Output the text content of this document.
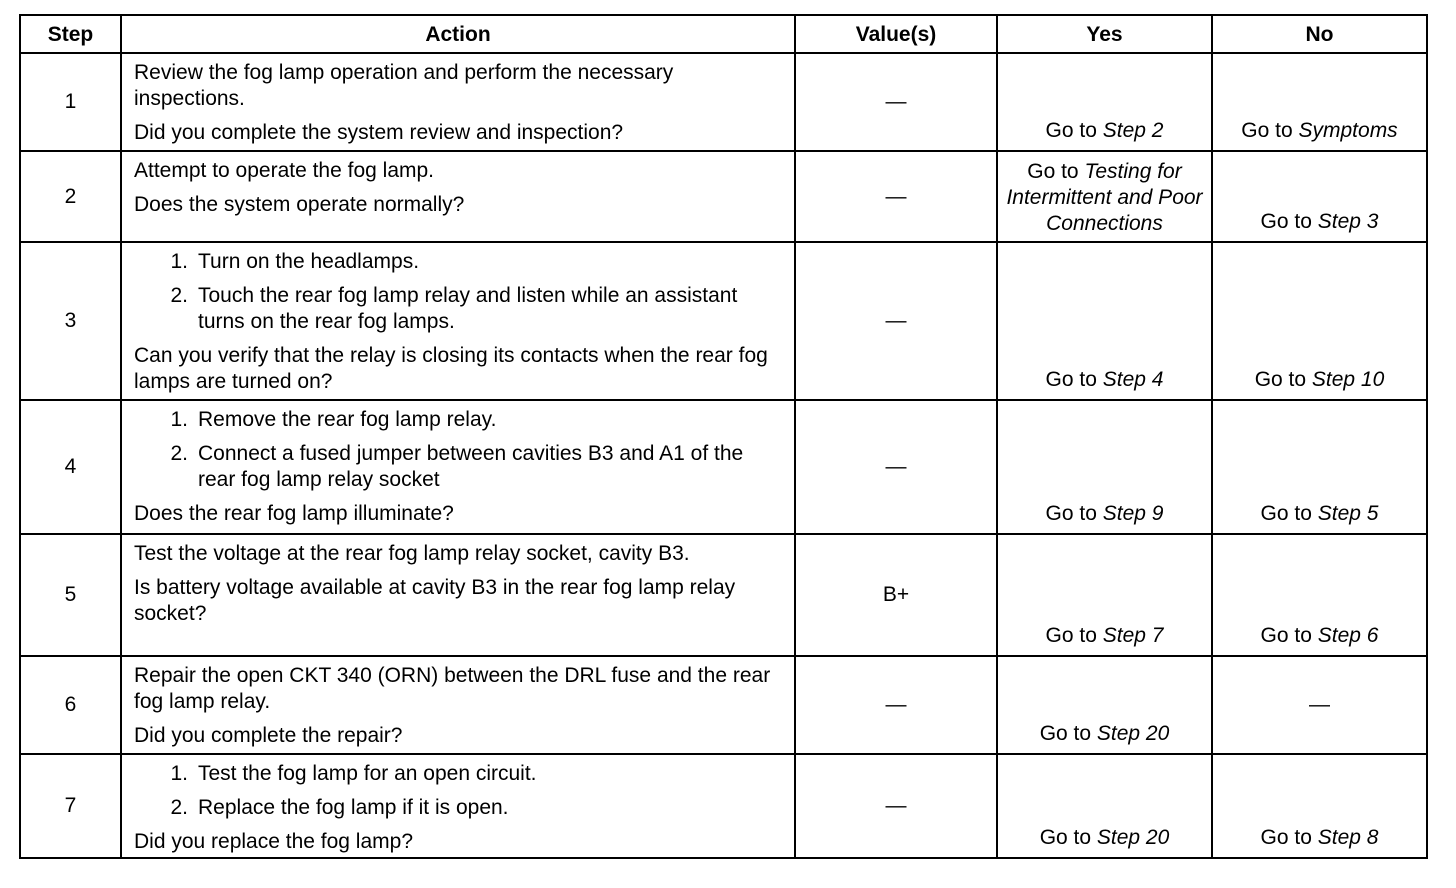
Step	Action	Value(s)	Yes	No
1	Review the fog lamp operation and perform the necessary inspections.
Did you complete the system review and inspection?	—	Go to Step 2	Go to Symptoms
2	Attempt to operate the fog lamp.
Does the system operate normally?	—	Go to Testing for Intermittent and Poor Connections	Go to Step 3
3	1. Turn on the headlamps.
2. Touch the rear fog lamp relay and listen while an assistant turns on the rear fog lamps.
Can you verify that the relay is closing its contacts when the rear fog lamps are turned on?	—	Go to Step 4	Go to Step 10
4	1. Remove the rear fog lamp relay.
2. Connect a fused jumper between cavities B3 and A1 of the rear fog lamp relay socket
Does the rear fog lamp illuminate?	—	Go to Step 9	Go to Step 5
5	Test the voltage at the rear fog lamp relay socket, cavity B3.
Is battery voltage available at cavity B3 in the rear fog lamp relay socket?	B+	Go to Step 7	Go to Step 6
6	Repair the open CKT 340 (ORN) between the DRL fuse and the rear fog lamp relay.
Did you complete the repair?	—	Go to Step 20	—
7	1. Test the fog lamp for an open circuit.
2. Replace the fog lamp if it is open.
Did you replace the fog lamp?	—	Go to Step 20	Go to Step 8
